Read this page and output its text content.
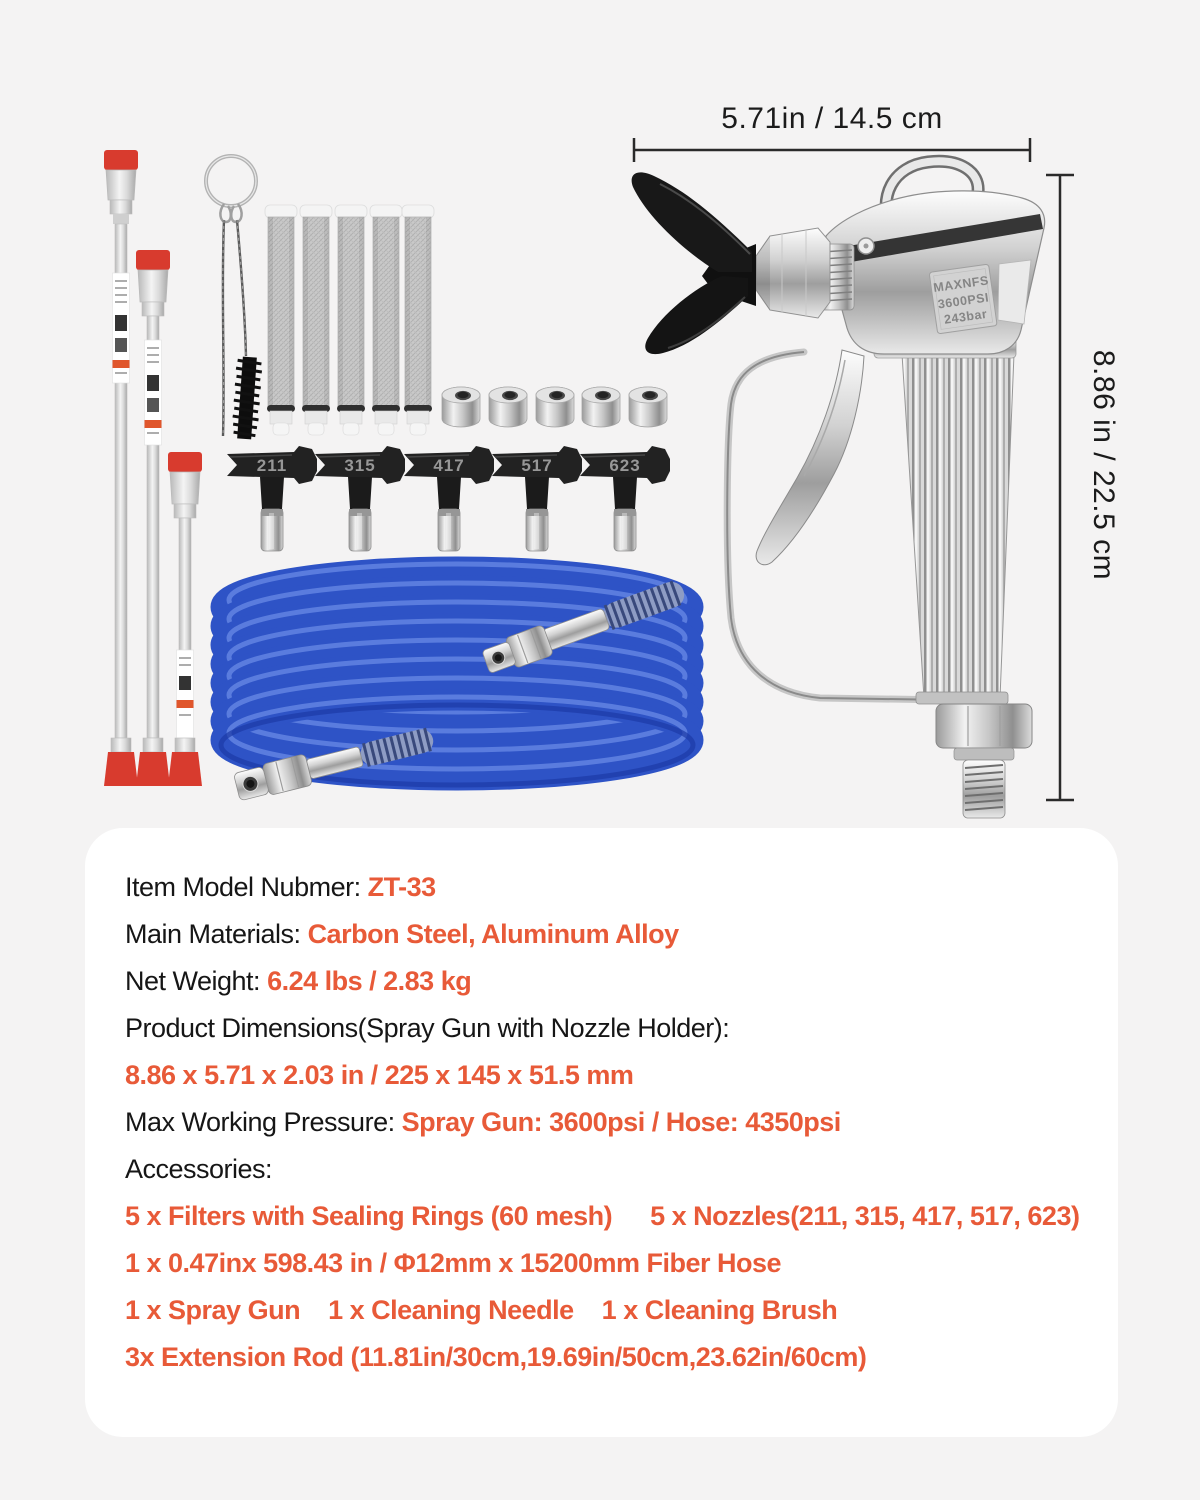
211	315	417	517	623
MAXNFS
3600PSI
243bar
5.71in / 14.5 cm
8.86 in / 22.5 cm
Item Model Nubmer: ZT-33
Main Materials: Carbon Steel, Aluminum Alloy
Net Weight: 6.24 lbs / 2.83 kg
Product Dimensions(Spray Gun with Nozzle Holder):
8.86 x 5.71 x 2.03 in / 225 x 145 x 51.5 mm
Max Working Pressure: Spray Gun: 3600psi / Hose: 4350psi
Accessories:
5 x Filters with Sealing Rings (60 mesh) 5 x Nozzles(211, 315, 417, 517, 623)
1 x 0.47inx 598.43 in / Φ12mm x 15200mm Fiber Hose
1 x Spray Gun 1 x Cleaning Needle 1 x Cleaning Brush
3x Extension Rod (11.81in/30cm,19.69in/50cm,23.62in/60cm)
